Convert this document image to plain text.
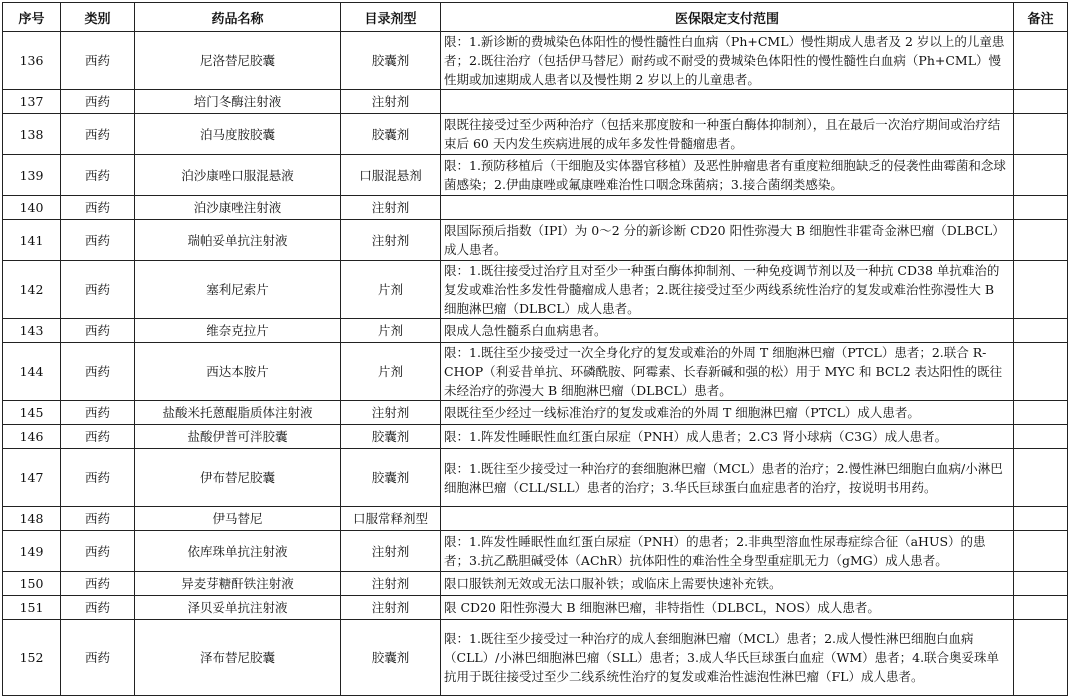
序号	类别	药品名称	目录剂型	医保限定支付范围	备注
136	西药	尼洛替尼胶囊	胶囊剂	限：1.新诊断的费城染色体阳性的慢性髓性白血病（Ph+CML）慢性期成人患者及 2 岁以上的儿童患者；2.既往治疗（包括伊马替尼）耐药或不耐受的费城染色体阳性的慢性髓性白血病（Ph+CML）慢性期或加速期成人患者以及慢性期 2 岁以上的儿童患者。	
137	西药	培门冬酶注射液	注射剂		
138	西药	泊马度胺胶囊	胶囊剂	限既往接受过至少两种治疗（包括来那度胺和一种蛋白酶体抑制剂），且在最后一次治疗期间或治疗结束后 60 天内发生疾病进展的成年多发性骨髓瘤患者。	
139	西药	泊沙康唑口服混悬液	口服混悬剂	限：1.预防移植后（干细胞及实体器官移植）及恶性肿瘤患者有重度粒细胞缺乏的侵袭性曲霉菌和念球菌感染；2.伊曲康唑或氟康唑难治性口咽念珠菌病；3.接合菌纲类感染。	
140	西药	泊沙康唑注射液	注射剂		
141	西药	瑞帕妥单抗注射液	注射剂	限国际预后指数（IPI）为 0～2 分的新诊断 CD20 阳性弥漫大 B 细胞性非霍奇金淋巴瘤（DLBCL）成人患者。	
142	西药	塞利尼索片	片剂	限：1.既往接受过治疗且对至少一种蛋白酶体抑制剂、一种免疫调节剂以及一种抗 CD38 单抗难治的复发或难治性多发性骨髓瘤成人患者；2.既往接受过至少两线系统性治疗的复发或难治性弥漫性大 B 细胞淋巴瘤（DLBCL）成人患者。	
143	西药	维奈克拉片	片剂	限成人急性髓系白血病患者。	
144	西药	西达本胺片	片剂	限：1.既往至少接受过一次全身化疗的复发或难治的外周 T 细胞淋巴瘤（PTCL）患者；2.联合 R-CHOP（利妥昔单抗、环磷酰胺、阿霉素、长春新碱和强的松）用于 MYC 和 BCL2 表达阳性的既往未经治疗的弥漫大 B 细胞淋巴瘤（DLBCL）患者。	
145	西药	盐酸米托蒽醌脂质体注射液	注射剂	限既往至少经过一线标准治疗的复发或难治的外周 T 细胞淋巴瘤（PTCL）成人患者。	
146	西药	盐酸伊普可泮胶囊	胶囊剂	限：1.阵发性睡眠性血红蛋白尿症（PNH）成人患者；2.C3 肾小球病（C3G）成人患者。	
147	西药	伊布替尼胶囊	胶囊剂	限：1.既往至少接受过一种治疗的套细胞淋巴瘤（MCL）患者的治疗；2.慢性淋巴细胞白血病/小淋巴细胞淋巴瘤（CLL/SLL）患者的治疗；3.华氏巨球蛋白血症患者的治疗，按说明书用药。	
148	西药	伊马替尼	口服常释剂型		
149	西药	依库珠单抗注射液	注射剂	限：1.阵发性睡眠性血红蛋白尿症（PNH）的患者；2.非典型溶血性尿毒症综合征（aHUS）的患者；3.抗乙酰胆碱受体（AChR）抗体阳性的难治性全身型重症肌无力（gMG）成人患者。	
150	西药	异麦芽糖酐铁注射液	注射剂	限口服铁剂无效或无法口服补铁；或临床上需要快速补充铁。	
151	西药	泽贝妥单抗注射液	注射剂	限 CD20 阳性弥漫大 B 细胞淋巴瘤，非特指性（DLBCL，NOS）成人患者。	
152	西药	泽布替尼胶囊	胶囊剂	限：1.既往至少接受过一种治疗的成人套细胞淋巴瘤（MCL）患者；2.成人慢性淋巴细胞白血病（CLL）/小淋巴细胞淋巴瘤（SLL）患者；3.成人华氏巨球蛋白血症（WM）患者；4.联合奥妥珠单抗用于既往接受过至少二线系统性治疗的复发或难治性滤泡性淋巴瘤（FL）成人患者。	
